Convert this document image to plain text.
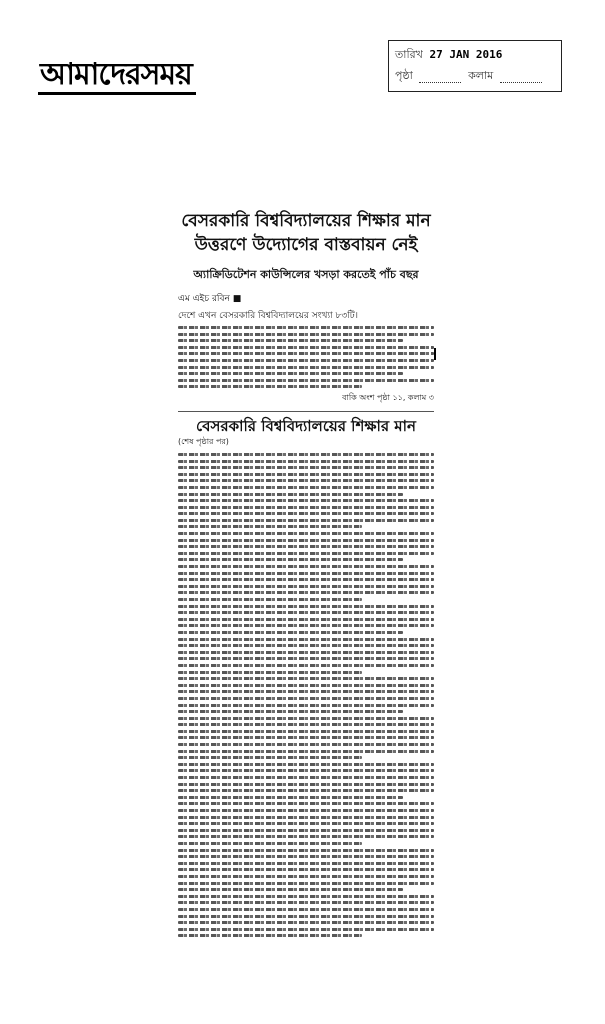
আমাদেরসময়
তারিখ 27 JAN 2016
পৃষ্ঠা	কলাম
বেসরকারি বিশ্ববিদ্যালয়ের শিক্ষার মান
উত্তরণে উদ্যোগের বাস্তবায়ন নেই
অ্যাক্রিডিটেশন কাউন্সিলের খসড়া করতেই পাঁচ বছর
এম এইচ রবিন ■
দেশে এখন বেসরকারি বিশ্ববিদ্যালয়ের সংখ্যা ৮৩টি।
বাকি অংশ পৃষ্ঠা ১১, কলাম ৩
বেসরকারি বিশ্ববিদ্যালয়ের শিক্ষার মান
(শেষ পৃষ্ঠার পর)
